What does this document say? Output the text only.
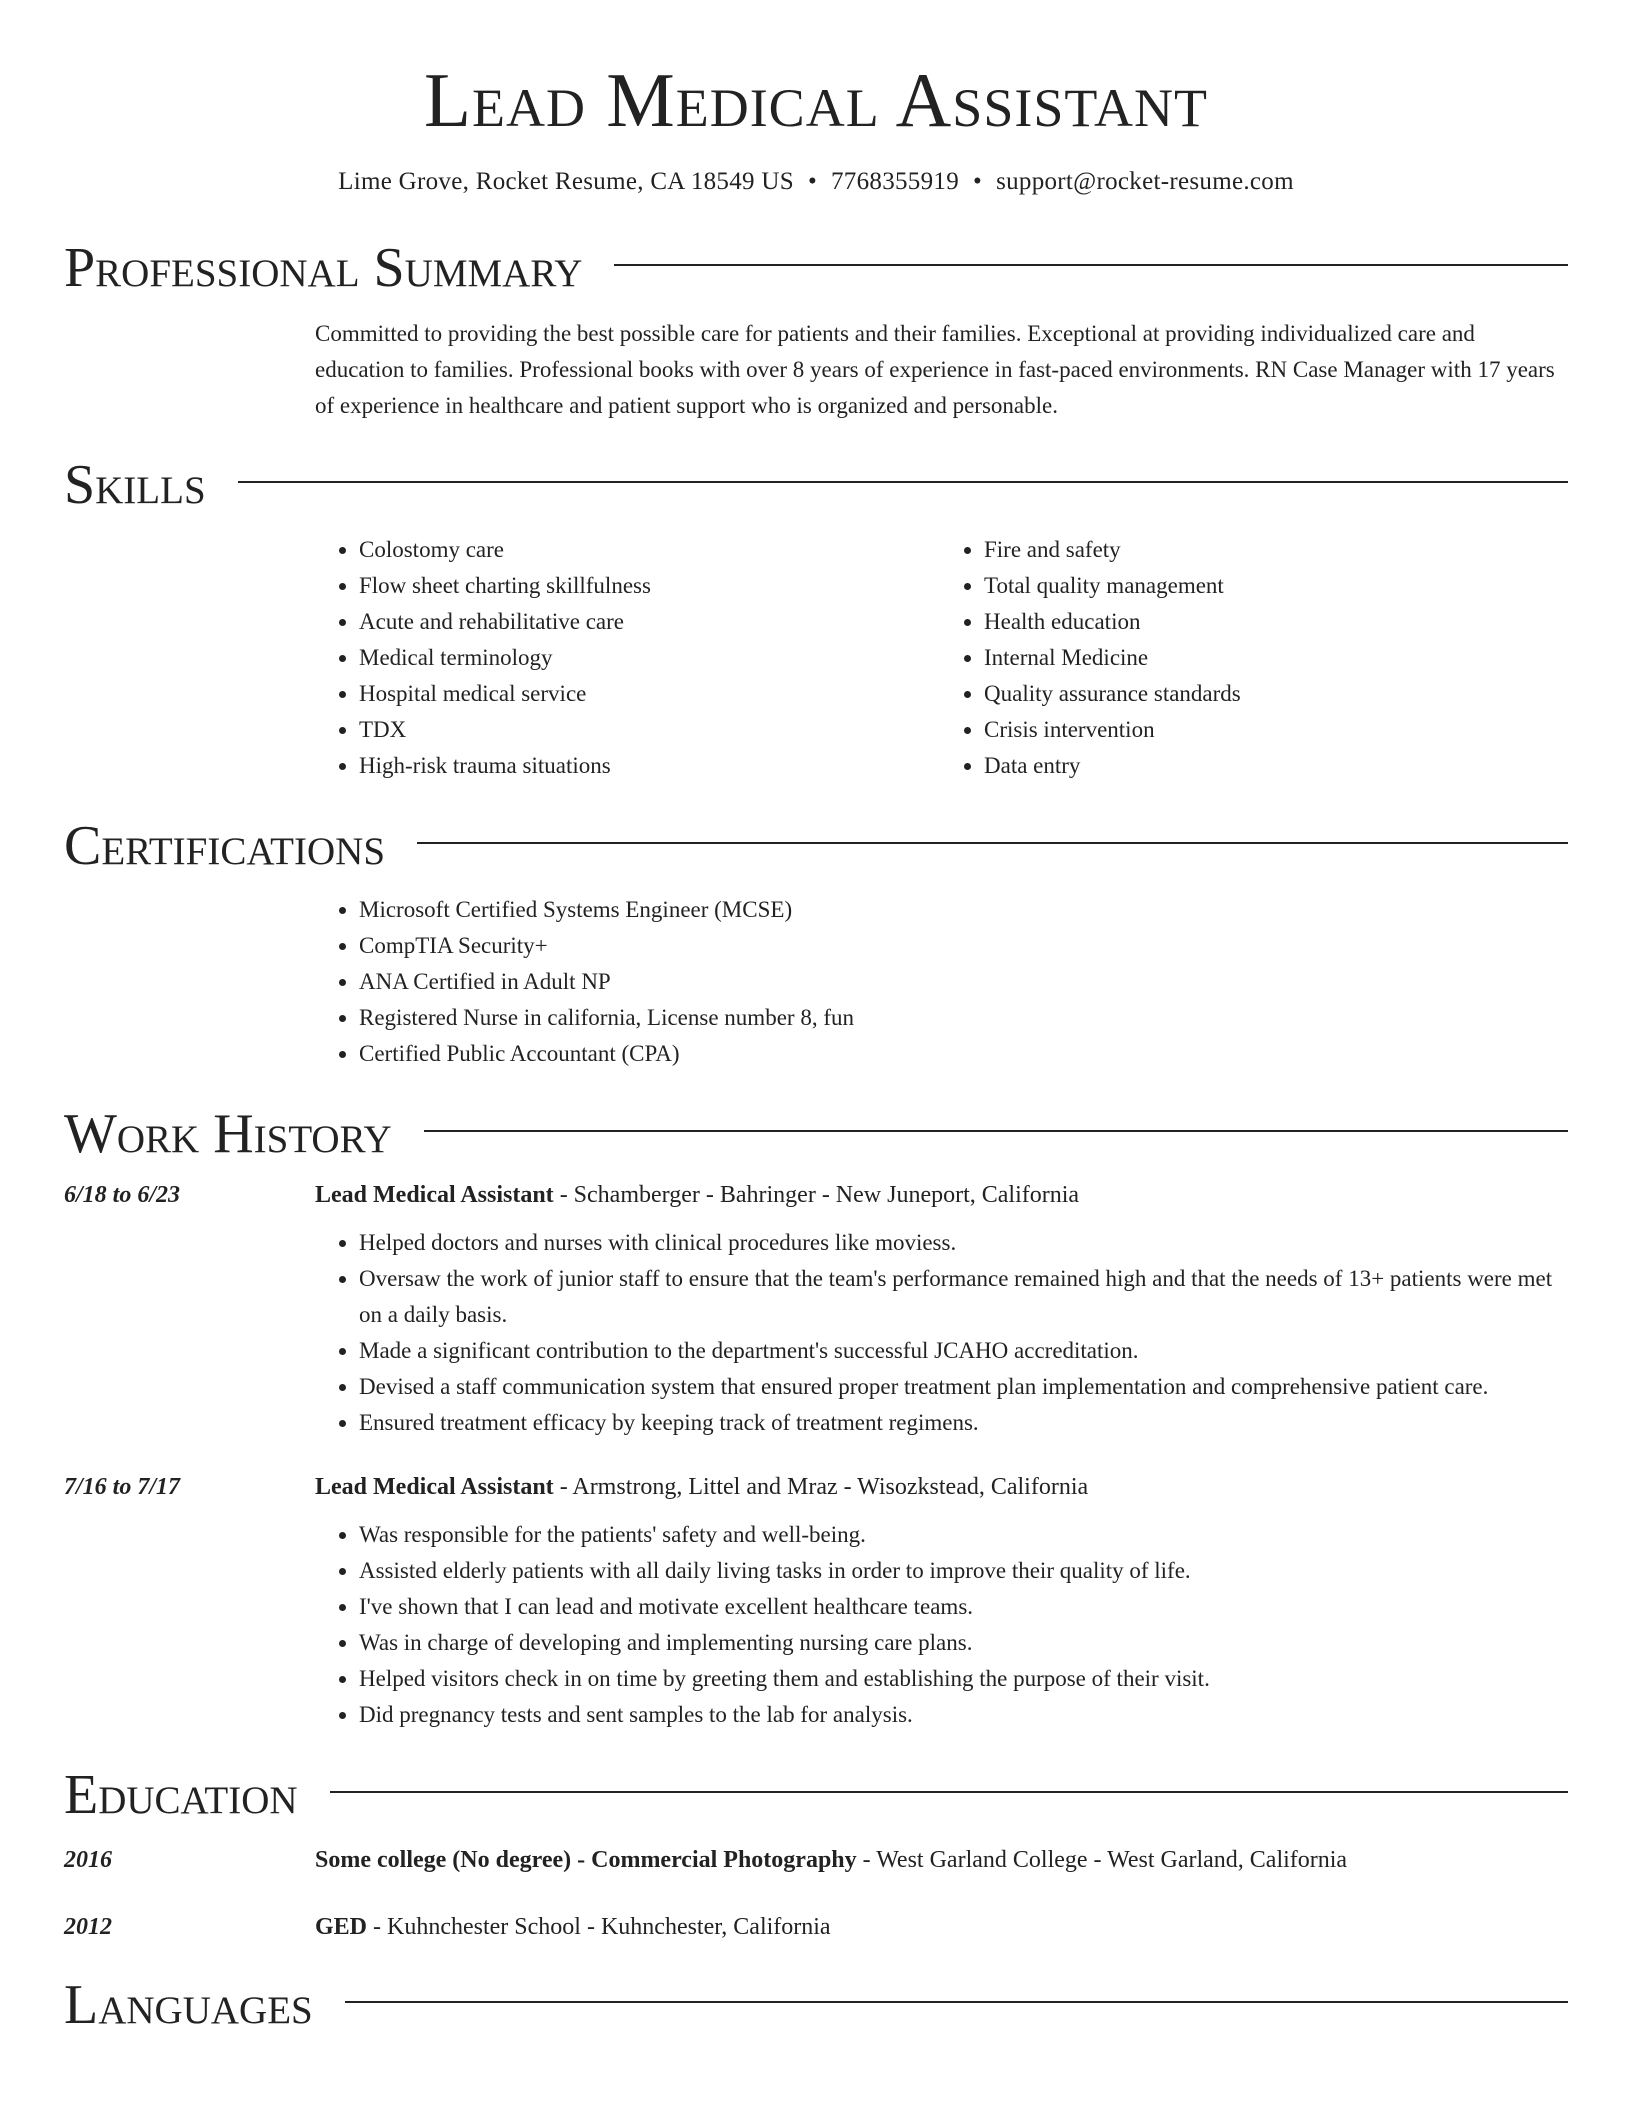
Lead Medical Assistant
Lime Grove, Rocket Resume, CA 18549 US • 7768355919 • support@rocket-resume.com
Professional Summary
Committed to providing the best possible care for patients and their families. Exceptional at providing individualized care and education to families. Professional books with over 8 years of experience in fast-paced environments. RN Case Manager with 17 years of experience in healthcare and patient support who is organized and personable.
Skills
• Colostomy care
• Flow sheet charting skillfulness
• Acute and rehabilitative care
• Medical terminology
• Hospital medical service
• TDX
• High-risk trauma situations
• Fire and safety
• Total quality management
• Health education
• Internal Medicine
• Quality assurance standards
• Crisis intervention
• Data entry
Certifications
• Microsoft Certified Systems Engineer (MCSE)
• CompTIA Security+
• ANA Certified in Adult NP
• Registered Nurse in california, License number 8, fun
• Certified Public Accountant (CPA)
Work History
6/18 to 6/23	Lead Medical Assistant - Schamberger - Bahringer - New Juneport, California
• Helped doctors and nurses with clinical procedures like moviess.
• Oversaw the work of junior staff to ensure that the team's performance remained high and that the needs of 13+ patients were met on a daily basis.
• Made a significant contribution to the department's successful JCAHO accreditation.
• Devised a staff communication system that ensured proper treatment plan implementation and comprehensive patient care.
• Ensured treatment efficacy by keeping track of treatment regimens.
7/16 to 7/17	Lead Medical Assistant - Armstrong, Littel and Mraz - Wisozkstead, California
• Was responsible for the patients' safety and well-being.
• Assisted elderly patients with all daily living tasks in order to improve their quality of life.
• I've shown that I can lead and motivate excellent healthcare teams.
• Was in charge of developing and implementing nursing care plans.
• Helped visitors check in on time by greeting them and establishing the purpose of their visit.
• Did pregnancy tests and sent samples to the lab for analysis.
Education
2016	Some college (No degree) - Commercial Photography - West Garland College - West Garland, California
2012	GED - Kuhnchester School - Kuhnchester, California
Languages
